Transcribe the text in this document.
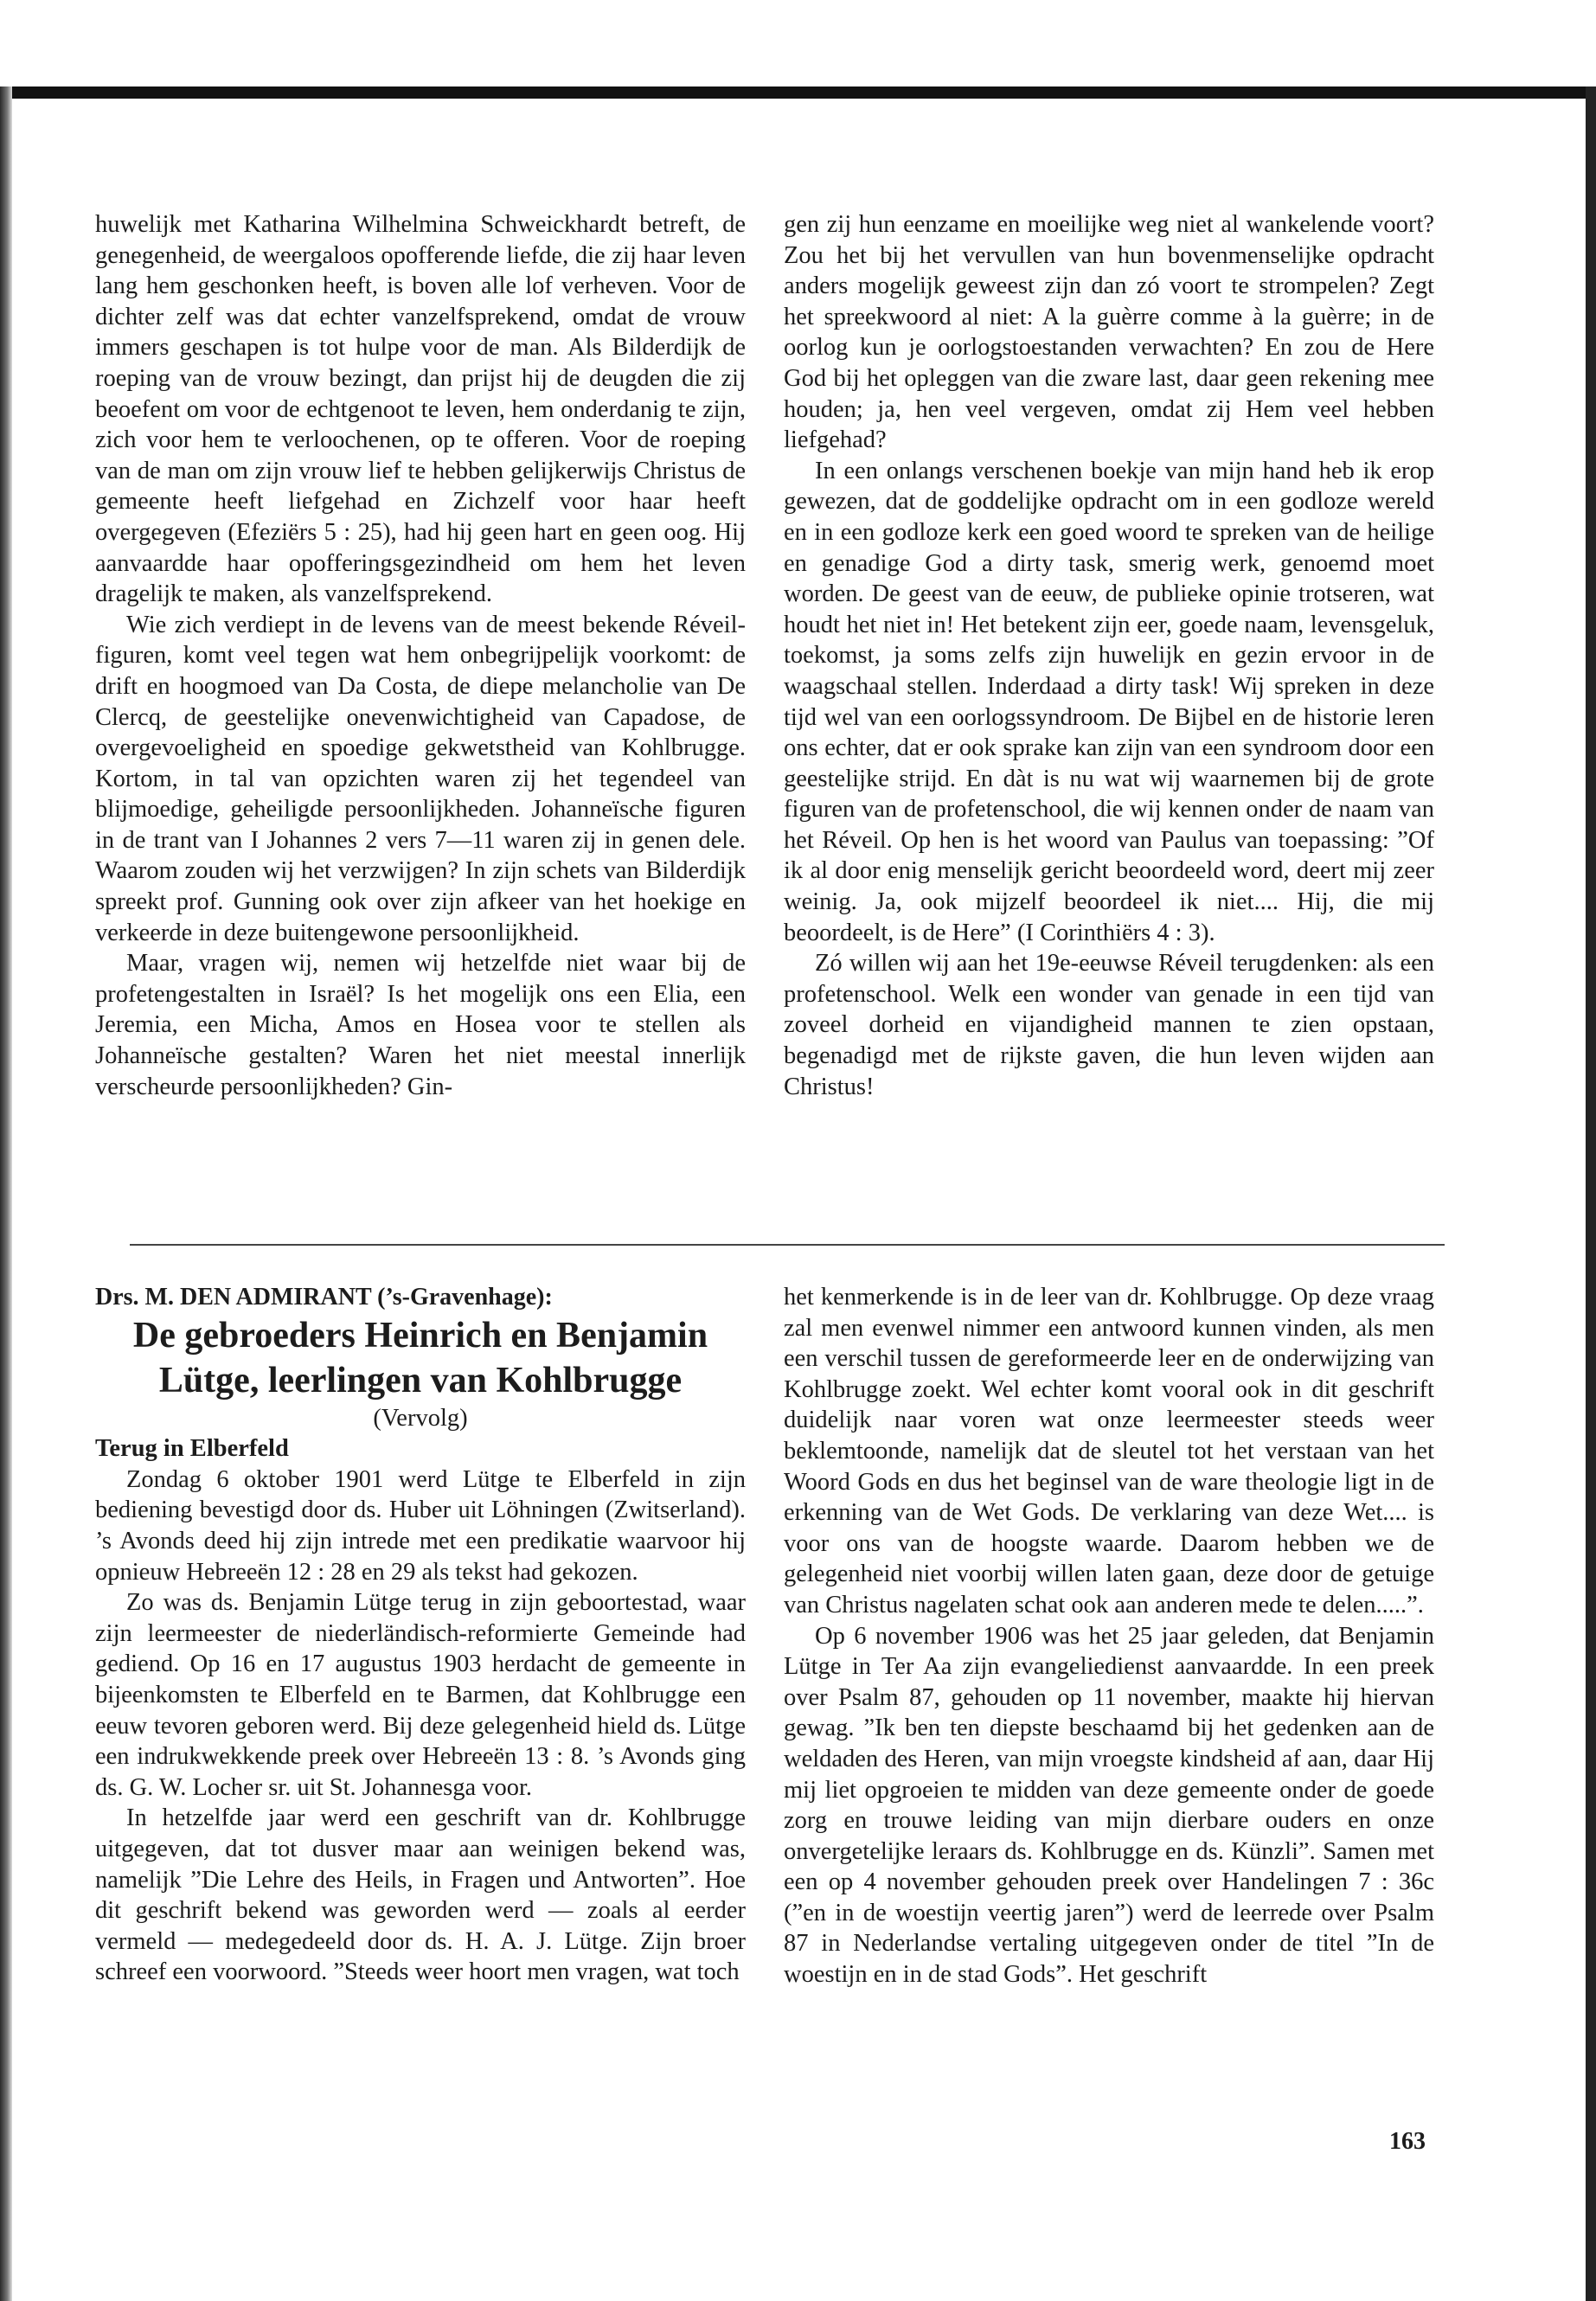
huwelijk met Katharina Wilhelmina Schweickhardt betreft, de genegenheid, de weergaloos opofferende liefde, die zij haar leven lang hem geschonken heeft, is boven alle lof verheven. Voor de dichter zelf was dat echter vanzelfsprekend, omdat de vrouw immers geschapen is tot hulpe voor de man. Als Bilderdijk de roeping van de vrouw bezingt, dan prijst hij de deugden die zij beoefent om voor de echtgenoot te leven, hem onderdanig te zijn, zich voor hem te verloochenen, op te offeren. Voor de roeping van de man om zijn vrouw lief te hebben gelijkerwijs Christus de gemeente heeft liefgehad en Zichzelf voor haar heeft overgegeven (Efeziërs 5 : 25), had hij geen hart en geen oog. Hij aanvaardde haar opofferingsgezindheid om hem het leven dragelijk te maken, als vanzelfsprekend.

Wie zich verdiept in de levens van de meest bekende Réveil-figuren, komt veel tegen wat hem onbegrijpelijk voorkomt: de drift en hoogmoed van Da Costa, de diepe melancholie van De Clercq, de geestelijke onevenwichtigheid van Capadose, de overgevoeligheid en spoedige gekwetstheid van Kohlbrugge. Kortom, in tal van opzichten waren zij het tegendeel van blijmoedige, geheiligde persoonlijkheden. Johanneïsche figuren in de trant van I Johannes 2 vers 7—11 waren zij in genen dele. Waarom zouden wij het verzwijgen? In zijn schets van Bilderdijk spreekt prof. Gunning ook over zijn afkeer van het hoekige en verkeerde in deze buitengewone persoonlijkheid.

Maar, vragen wij, nemen wij hetzelfde niet waar bij de profetengestalten in Israël? Is het mogelijk ons een Elia, een Jeremia, een Micha, Amos en Hosea voor te stellen als Johanneïsche gestalten? Waren het niet meestal innerlijk verscheurde persoonlijkheden? Gin-

gen zij hun eenzame en moeilijke weg niet al wankelende voort? Zou het bij het vervullen van hun bovenmenselijke opdracht anders mogelijk geweest zijn dan zó voort te strompelen? Zegt het spreekwoord al niet: A la guèrre comme à la guèrre; in de oorlog kun je oorlogstoestanden verwachten? En zou de Here God bij het opleggen van die zware last, daar geen rekening mee houden; ja, hen veel vergeven, omdat zij Hem veel hebben liefgehad?

In een onlangs verschenen boekje van mijn hand heb ik erop gewezen, dat de goddelijke opdracht om in een godloze wereld en in een godloze kerk een goed woord te spreken van de heilige en genadige God a dirty task, smerig werk, genoemd moet worden. De geest van de eeuw, de publieke opinie trotseren, wat houdt het niet in! Het betekent zijn eer, goede naam, levensgeluk, toekomst, ja soms zelfs zijn huwelijk en gezin ervoor in de waagschaal stellen. Inderdaad a dirty task! Wij spreken in deze tijd wel van een oorlogssyndroom. De Bijbel en de historie leren ons echter, dat er ook sprake kan zijn van een syndroom door een geestelijke strijd. En dàt is nu wat wij waarnemen bij de grote figuren van de profetenschool, die wij kennen onder de naam van het Réveil. Op hen is het woord van Paulus van toepassing: ”Of ik al door enig menselijk gericht beoordeeld word, deert mij zeer weinig. Ja, ook mijzelf beoordeel ik niet.... Hij, die mij beoordeelt, is de Here” (I Corinthiërs 4 : 3).

Zó willen wij aan het 19e-eeuwse Réveil terugdenken: als een profetenschool. Welk een wonder van genade in een tijd van zoveel dorheid en vijandigheid mannen te zien opstaan, begenadigd met de rijkste gaven, die hun leven wijden aan Christus!

Drs. M. DEN ADMIRANT (’s-Gravenhage):

De gebroeders Heinrich en Benjamin Lütge, leerlingen van Kohlbrugge

(Vervolg)

Terug in Elberfeld

Zondag 6 oktober 1901 werd Lütge te Elberfeld in zijn bediening bevestigd door ds. Huber uit Löhningen (Zwitserland). ’s Avonds deed hij zijn intrede met een predikatie waarvoor hij opnieuw Hebreeën 12 : 28 en 29 als tekst had gekozen.

Zo was ds. Benjamin Lütge terug in zijn geboortestad, waar zijn leermeester de niederländisch-reformierte Gemeinde had gediend. Op 16 en 17 augustus 1903 herdacht de gemeente in bijeenkomsten te Elberfeld en te Barmen, dat Kohlbrugge een eeuw tevoren geboren werd. Bij deze gelegenheid hield ds. Lütge een indrukwekkende preek over Hebreeën 13 : 8. ’s Avonds ging ds. G. W. Locher sr. uit St. Johannesga voor.

In hetzelfde jaar werd een geschrift van dr. Kohlbrugge uitgegeven, dat tot dusver maar aan weinigen bekend was, namelijk ”Die Lehre des Heils, in Fragen und Antworten”. Hoe dit geschrift bekend was geworden werd — zoals al eerder vermeld — medegedeeld door ds. H. A. J. Lütge. Zijn broer schreef een voorwoord. ”Steeds weer hoort men vragen, wat toch

het kenmerkende is in de leer van dr. Kohlbrugge. Op deze vraag zal men evenwel nimmer een antwoord kunnen vinden, als men een verschil tussen de gereformeerde leer en de onderwijzing van Kohlbrugge zoekt. Wel echter komt vooral ook in dit geschrift duidelijk naar voren wat onze leermeester steeds weer beklemtoonde, namelijk dat de sleutel tot het verstaan van het Woord Gods en dus het beginsel van de ware theologie ligt in de erkenning van de Wet Gods. De verklaring van deze Wet.... is voor ons van de hoogste waarde. Daarom hebben we de gelegenheid niet voorbij willen laten gaan, deze door de getuige van Christus nagelaten schat ook aan anderen mede te delen.....”.

Op 6 november 1906 was het 25 jaar geleden, dat Benjamin Lütge in Ter Aa zijn evangeliedienst aanvaardde. In een preek over Psalm 87, gehouden op 11 november, maakte hij hiervan gewag. ”Ik ben ten diepste beschaamd bij het gedenken aan de weldaden des Heren, van mijn vroegste kindsheid af aan, daar Hij mij liet opgroeien te midden van deze gemeente onder de goede zorg en trouwe leiding van mijn dierbare ouders en onze onvergetelijke leraars ds. Kohlbrugge en ds. Künzli”. Samen met een op 4 november gehouden preek over Handelingen 7 : 36c (”en in de woestijn veertig jaren”) werd de leerrede over Psalm 87 in Nederlandse vertaling uitgegeven onder de titel ”In de woestijn en in de stad Gods”. Het geschrift

163
